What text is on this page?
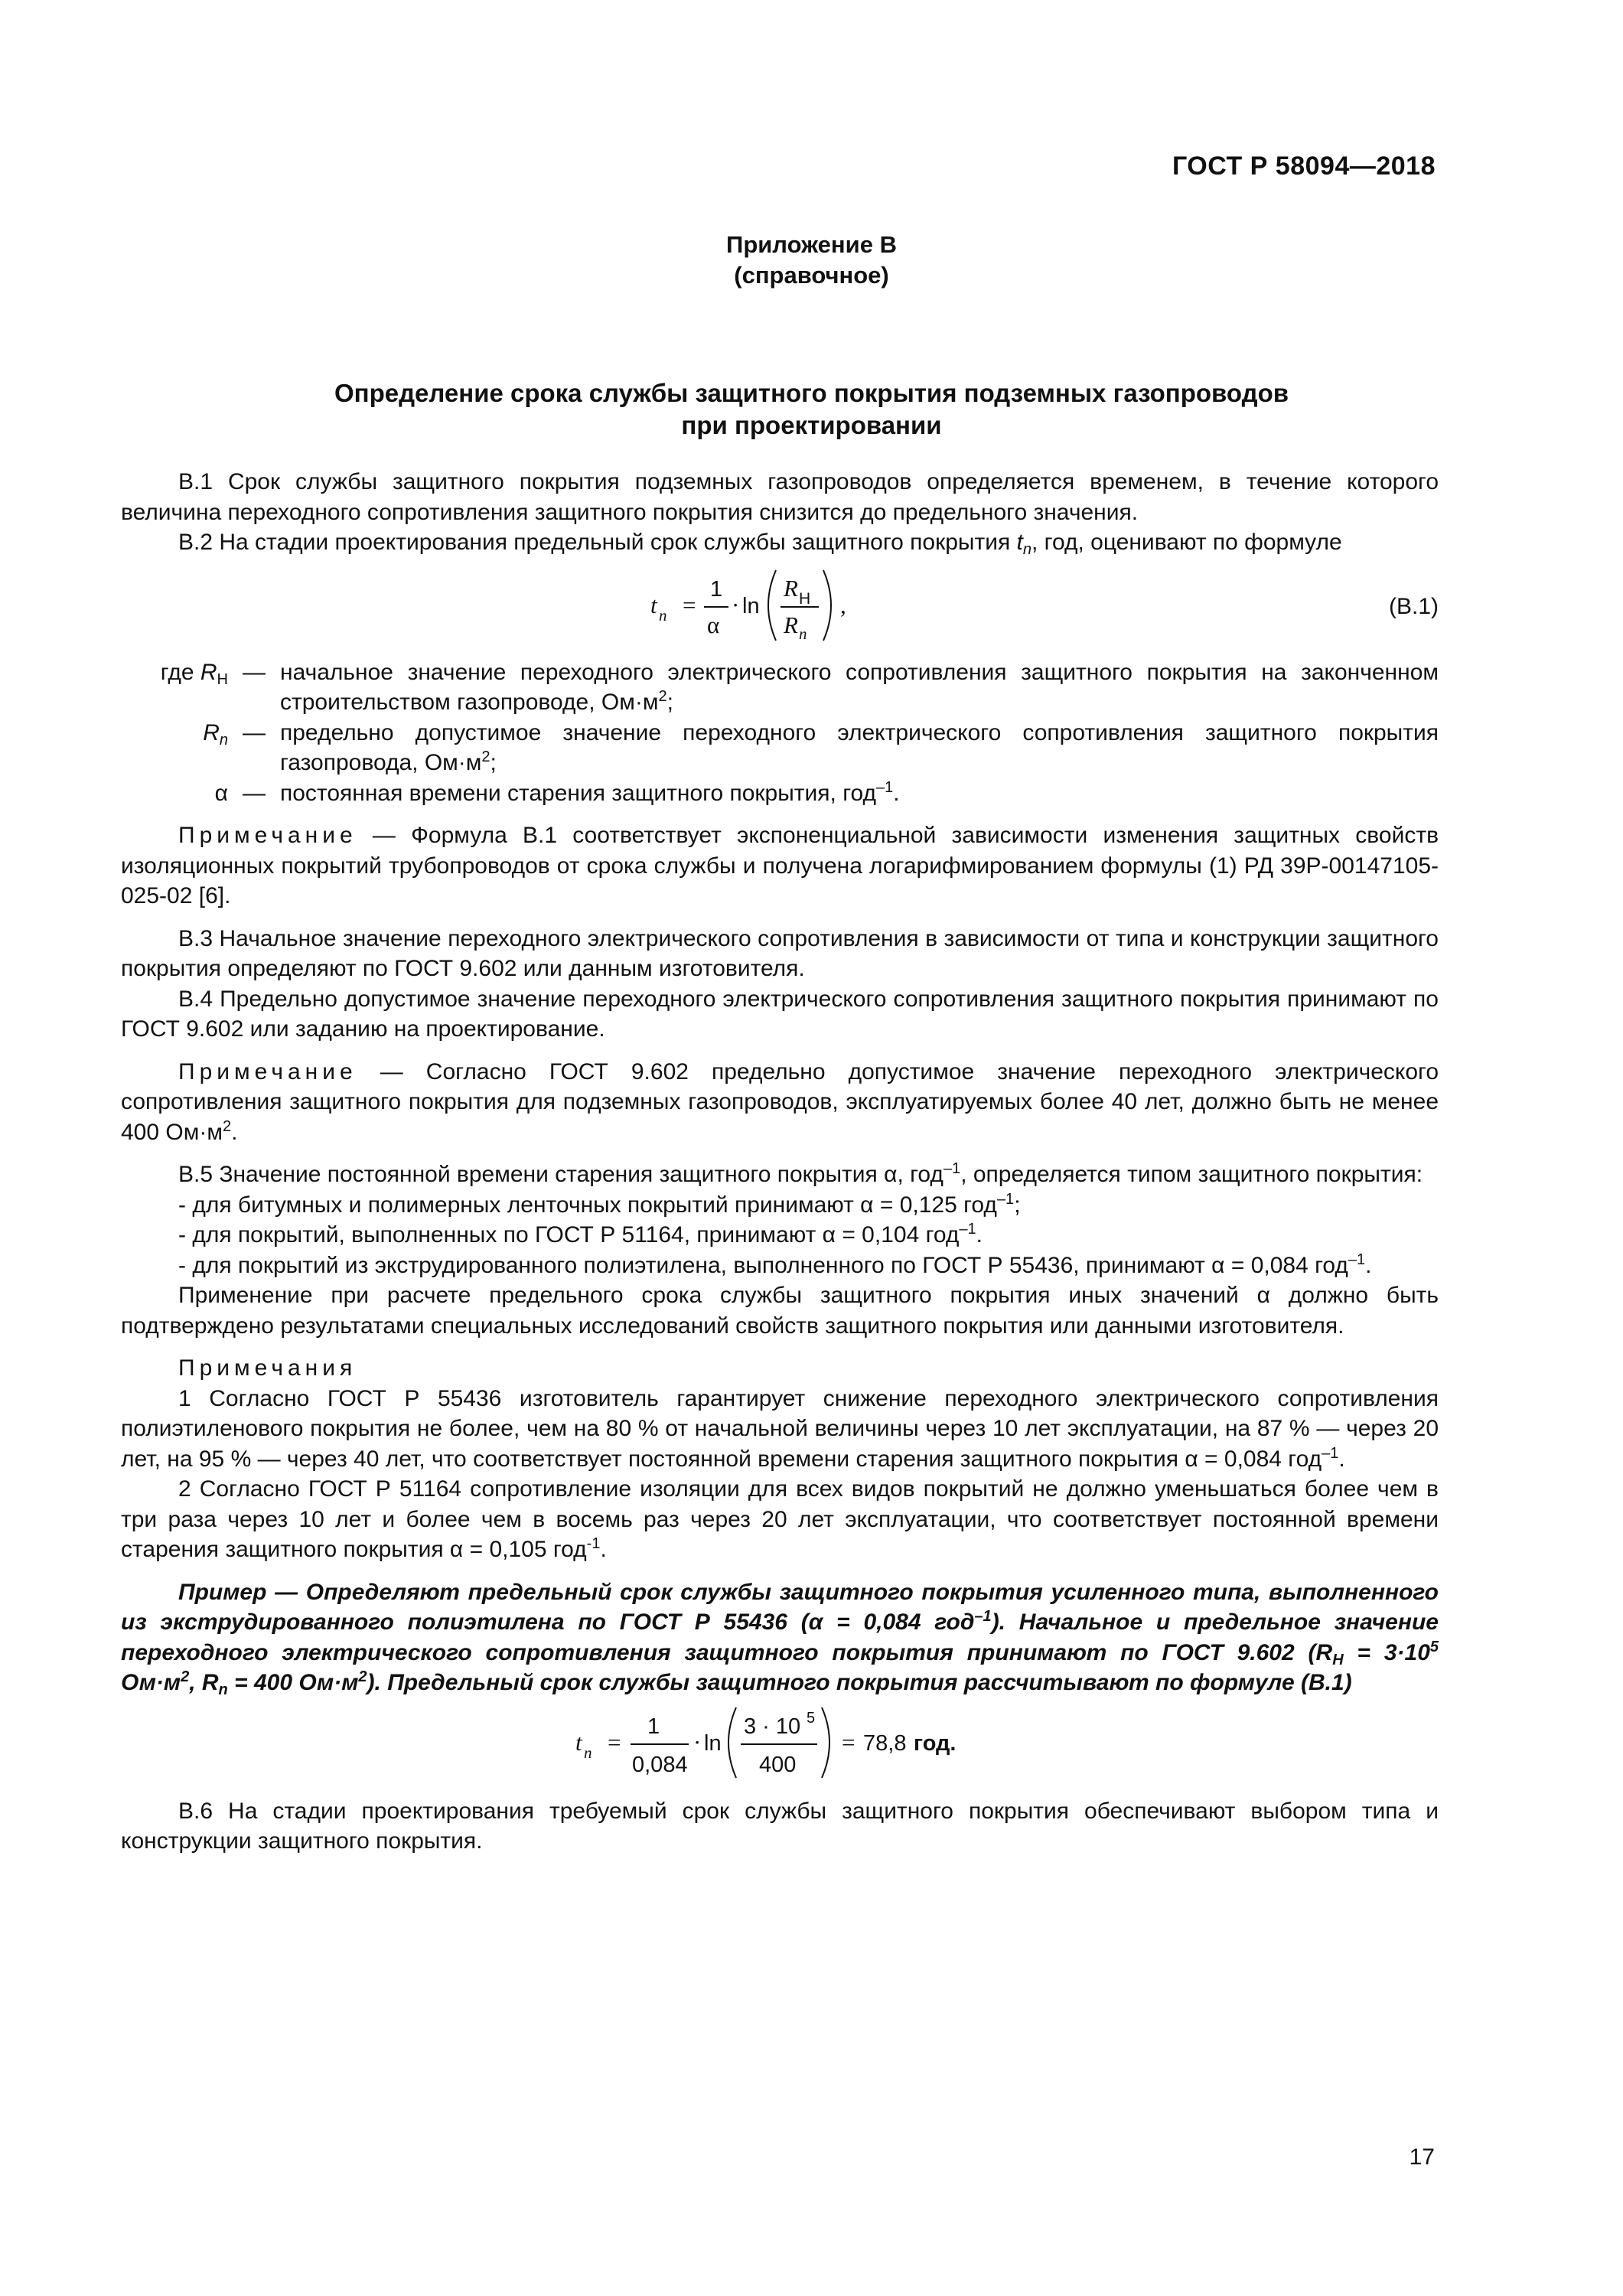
ГОСТ Р 58094—2018
Приложение В
(справочное)
Определение срока службы защитного покрытия подземных газопроводов
при проектировании

В.1 Срок службы защитного покрытия подземных газопроводов определяется временем, в течение которого величина переходного сопротивления защитного покрытия снизится до предельного значения.

В.2 На стадии проектирования предельный срок службы защитного покрытия $t_n$, год, оценивают по формуле

t n =
1
α
· ln
R Н
R n
,	(В.1)
где $R_Н$ — начальное значение переходного электрического сопротивления защитного покрытия на законченном строительством газопроводе, $Ом\cdot м^2$;
$R_n$ — предельно допустимое значение переходного электрического сопротивления защитного покрытия газопровода, $Ом\cdot м^2$;
α — постоянная времени старения защитного покрытия, год$^{-1}$.

Примечание — Формула В.1 соответствует экспоненциальной зависимости изменения защитных свойств изоляционных покрытий трубопроводов от срока службы и получена логарифмированием формулы (1) РД 39Р-00147105-025-02 [6].

В.3 Начальное значение переходного электрического сопротивления в зависимости от типа и конструкции защитного покрытия определяют по ГОСТ 9.602 или данным изготовителя.

В.4 Предельно допустимое значение переходного электрического сопротивления защитного покрытия принимают по ГОСТ 9.602 или заданию на проектирование.

Примечание — Согласно ГОСТ 9.602 предельно допустимое значение переходного электрического сопротивления защитного покрытия для подземных газопроводов, эксплуатируемых более 40 лет, должно быть не менее 400 $Ом\cdot м^2$.

В.5 Значение постоянной времени старения защитного покрытия α, год$^{-1}$, определяется типом защитного покрытия:

- для битумных и полимерных ленточных покрытий принимают α = 0,125 год$^{-1}$;

- для покрытий, выполненных по ГОСТ Р 51164, принимают α = 0,104 год$^{-1}$.

- для покрытий из экструдированного полиэтилена, выполненного по ГОСТ Р 55436, принимают α = 0,084 год$^{-1}$.

Применение при расчете предельного срока службы защитного покрытия иных значений α должно быть подтверждено результатами специальных исследований свойств защитного покрытия или данными изготовителя.

Примечания

1 Согласно ГОСТ Р 55436 изготовитель гарантирует снижение переходного электрического сопротивления полиэтиленового покрытия не более, чем на 80 % от начальной величины через 10 лет эксплуатации, на 87 % — через 20 лет, на 95 % — через 40 лет, что соответствует постоянной времени старения защитного покрытия α = 0,084 год$^{-1}$.

2 Согласно ГОСТ Р 51164 сопротивление изоляции для всех видов покрытий не должно уменьшаться более чем в три раза через 10 лет и более чем в восемь раз через 20 лет эксплуатации, что соответствует постоянной времени старения защитного покрытия α = 0,105 год$^{-1}$.

Пример — Определяют предельный срок службы защитного покрытия усиленного типа, выполненного из экструдированного полиэтилена по ГОСТ Р 55436 (α = 0,084 год$^{-1}$). Начальное и предельное значение переходного электрического сопротивления защитного покрытия принимают по ГОСТ 9.602 ($R_Н = 3\cdot 10^5$ $Ом\cdot м^2$, $R_n = 400$ $Ом\cdot м^2$). Предельный срок службы защитного покрытия рассчитывают по формуле (В.1)

t n =
1
0,084
· ln
3 · 10 5
400
= 78,8 год.

В.6 На стадии проектирования требуемый срок службы защитного покрытия обеспечивают выбором типа и конструкции защитного покрытия.

17
